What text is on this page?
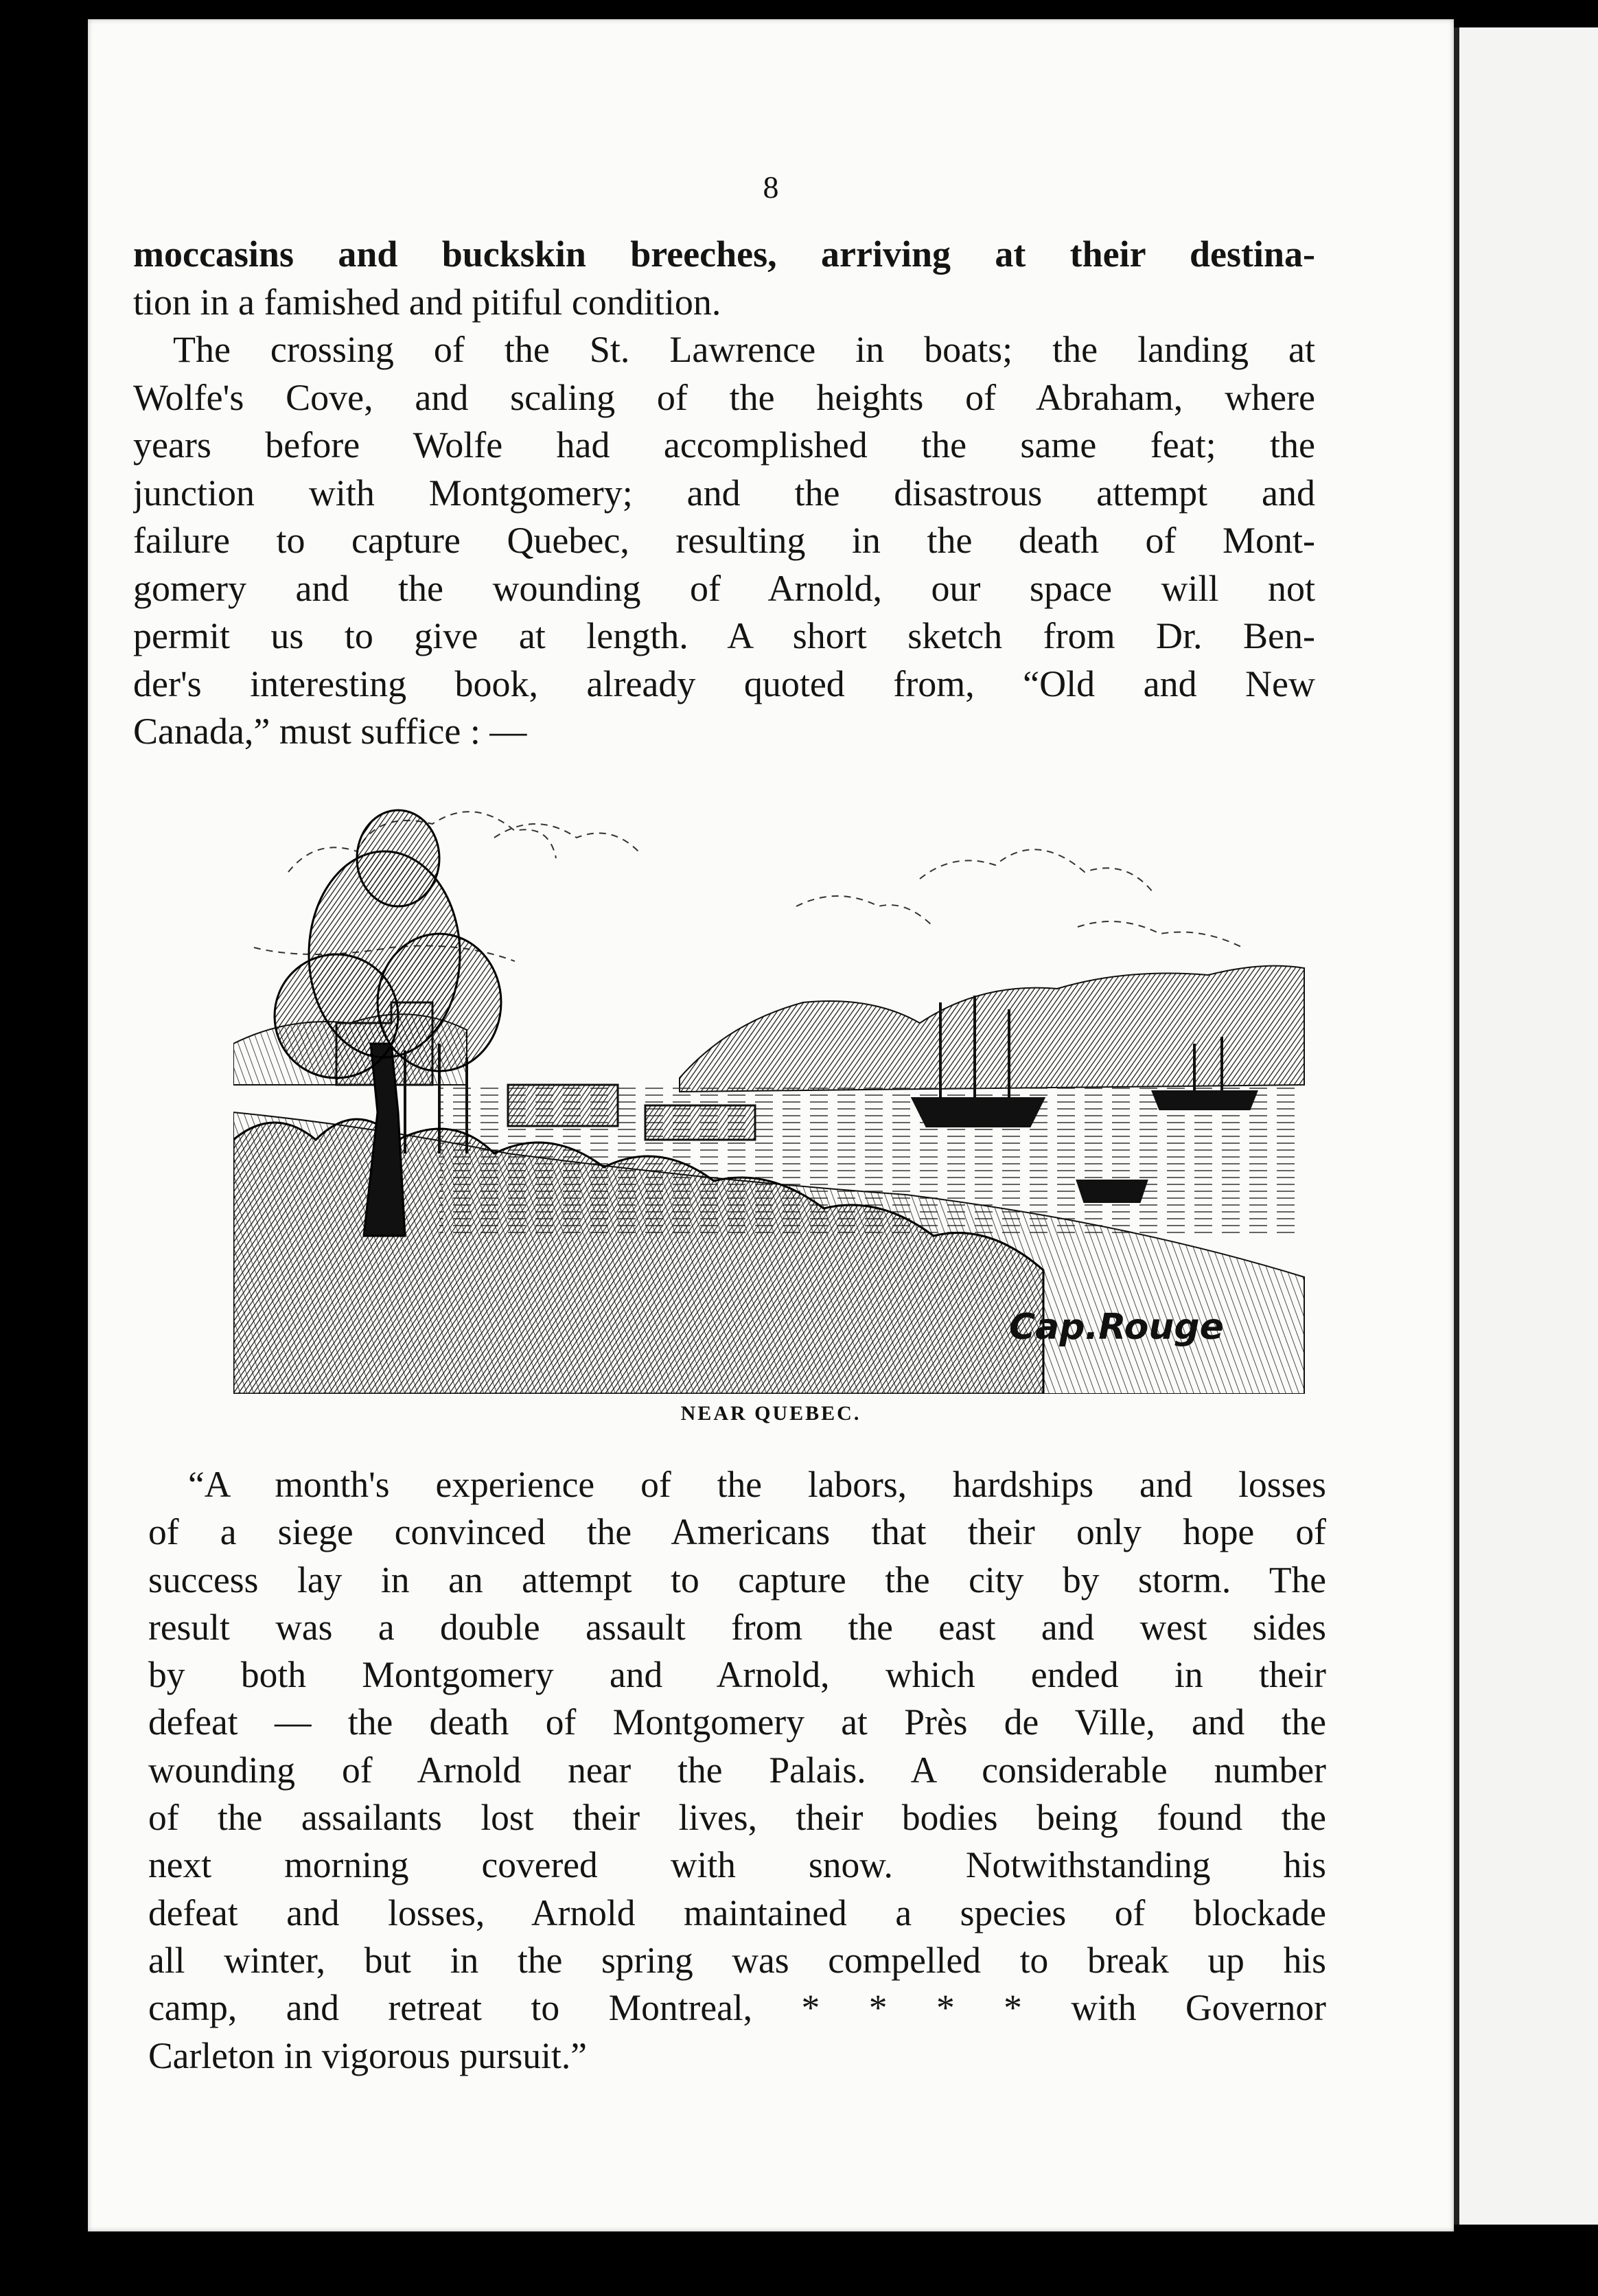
8
moccasins and buckskin breeches, arriving at their destina-
tion in a famished and pitiful condition.
The crossing of the St. Lawrence in boats; the landing at
Wolfe's Cove, and scaling of the heights of Abraham, where
years before Wolfe had accomplished the same feat; the
junction with Montgomery; and the disastrous attempt and
failure to capture Quebec, resulting in the death of Mont-
gomery and the wounding of Arnold, our space will not
permit us to give at length. A short sketch from Dr. Ben-
der's interesting book, already quoted from, “Old and New
Canada,” must suffice : —
Cap.Rouge
NEAR QUEBEC.
“A month's experience of the labors, hardships and losses
of a siege convinced the Americans that their only hope of
success lay in an attempt to capture the city by storm. The
result was a double assault from the east and west sides
by both Montgomery and Arnold, which ended in their
defeat — the death of Montgomery at Près de Ville, and the
wounding of Arnold near the Palais. A considerable number
of the assailants lost their lives, their bodies being found the
next morning covered with snow. Notwithstanding his
defeat and losses, Arnold maintained a species of blockade
all winter, but in the spring was compelled to break up his
camp, and retreat to Montreal, * * * * with Governor
Carleton in vigorous pursuit.”
